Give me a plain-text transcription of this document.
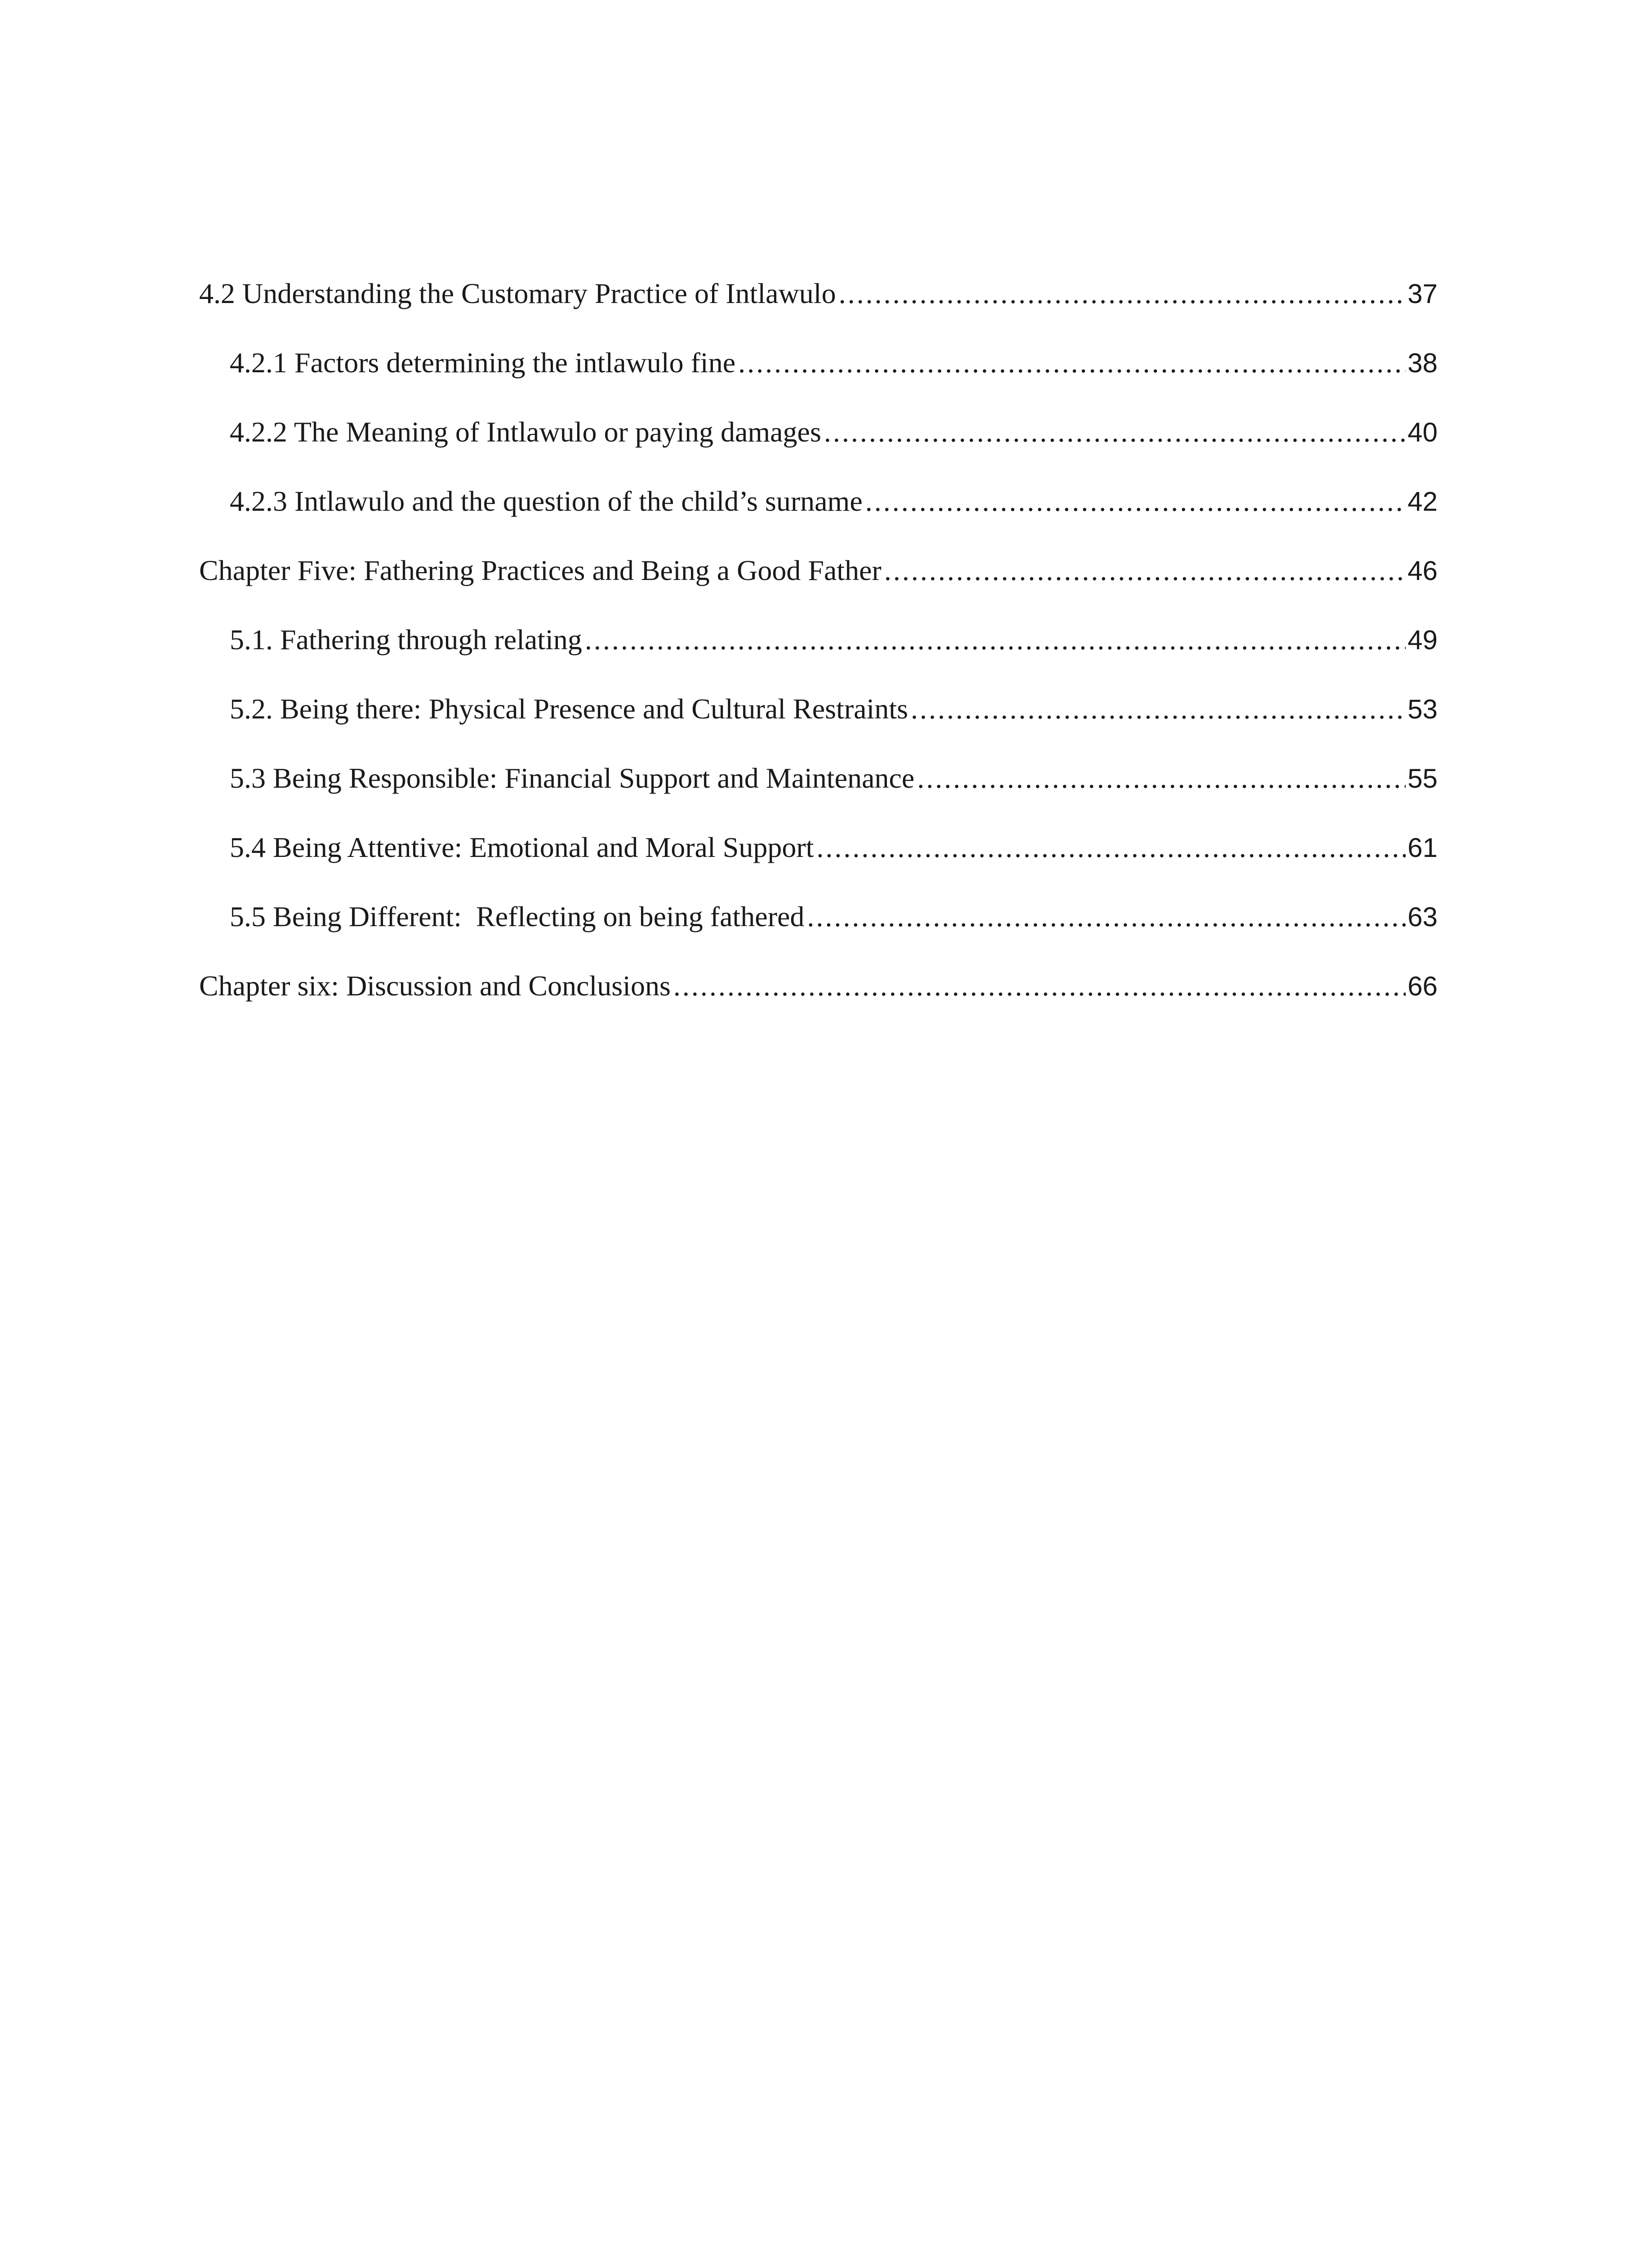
4.2 Understanding the Customary Practice of Intlawulo .....	37
4.2.1 Factors determining the intlawulo fine .....	38
4.2.2 The Meaning of Intlawulo or paying damages .....	40
4.2.3 Intlawulo and the question of the child’s surname .....	42
Chapter Five: Fathering Practices and Being a Good Father .....	46
5.1. Fathering through relating .....	49
5.2. Being there: Physical Presence and Cultural Restraints .....	53
5.3 Being Responsible: Financial Support and Maintenance .....	55
5.4 Being Attentive: Emotional and Moral Support .....	61
5.5 Being Different:  Reflecting on being fathered .....	63
Chapter six: Discussion and Conclusions .....	66
